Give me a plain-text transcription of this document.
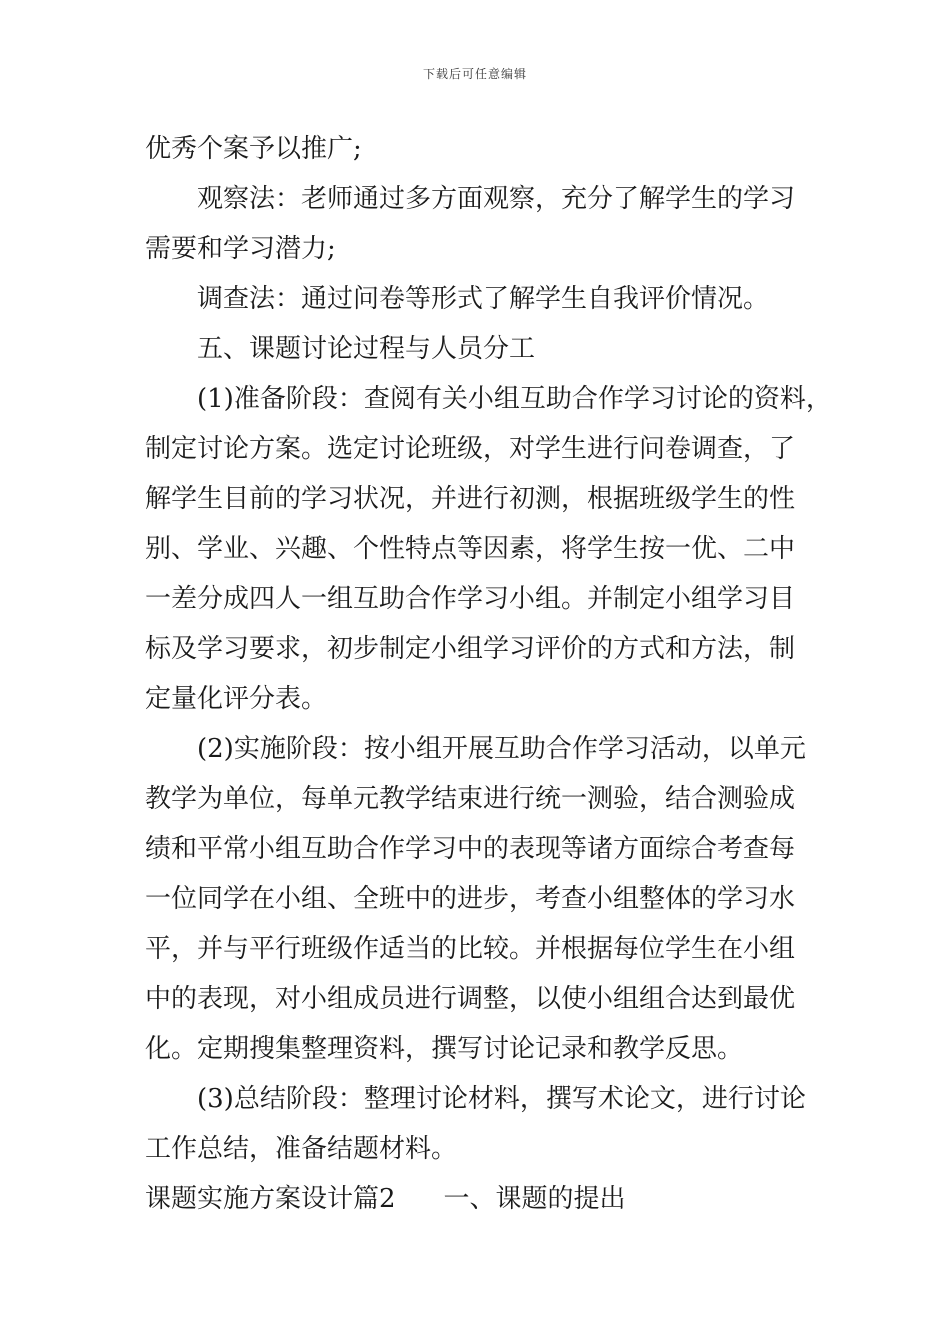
下载后可任意编辑
优秀个案予以推广;
观察法：老师通过多方面观察，充分了解学生的学习
需要和学习潜力;
调查法：通过问卷等形式了解学生自我评价情况。
五、课题讨论过程与人员分工
(1)准备阶段：查阅有关小组互助合作学习讨论的资料，
制定讨论方案。选定讨论班级，对学生进行问卷调查，了
解学生目前的学习状况，并进行初测，根据班级学生的性
别、学业、兴趣、个性特点等因素，将学生按一优、二中
一差分成四人一组互助合作学习小组。并制定小组学习目
标及学习要求，初步制定小组学习评价的方式和方法，制
定量化评分表。
(2)实施阶段：按小组开展互助合作学习活动，以单元
教学为单位，每单元教学结束进行统一测验，结合测验成
绩和平常小组互助合作学习中的表现等诸方面综合考查每
一位同学在小组、全班中的进步，考查小组整体的学习水
平，并与平行班级作适当的比较。并根据每位学生在小组
中的表现，对小组成员进行调整，以使小组组合达到最优
化。定期搜集整理资料，撰写讨论记录和教学反思。
(3)总结阶段：整理讨论材料，撰写术论文，进行讨论
工作总结，准备结题材料。
课题实施方案设计篇2 一、课题的提出
